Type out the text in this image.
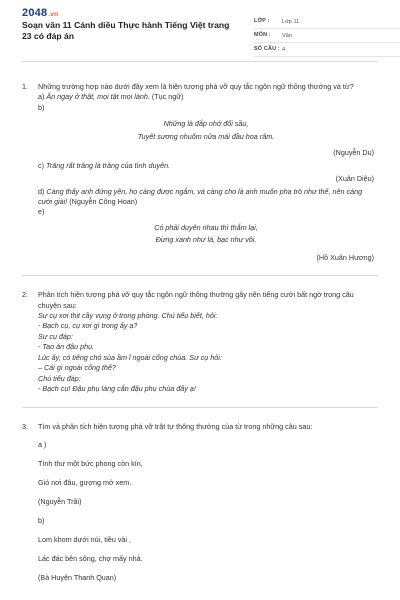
2048.vn
Soạn văn 11 Cánh diều Thực hành Tiếng Việt trang 23 có đáp án
LỚP :	Lớp 11
MÔN :	Văn
SỐ CÂU : 4
1. Những trường hợp nào dưới đây xem là hiện tượng phá vỡ quy tắc ngôn ngữ thông thường và từ?

a) Ăn ngay ở thật, mọi tật mọi lành. (Tục ngữ)

b)

Những là đắp nhớ đổi sầu,

Tuyết sương nhuốm nửa mái đầu hoa râm.

(Nguyễn Du)

c) Trăng rất trăng là trăng của tình duyên.

(Xuân Diệu)

d) Càng thấy anh đứng yên, họ càng được ngắm, và càng cho là anh muốn pha trò như thế, nên càng cười giài! (Nguyễn Công Hoan)

e)

Có phải duyên nhau thì thắm lại,

Đừng xanh như lá, bạc như vôi.

(Hồ Xuân Hương)

2. Phân tích hiện tượng phá vỡ quy tắc ngôn ngữ thông thường gây nên tiếng cười bất ngờ trong câu chuyện sau:

Sư cụ xơi thịt cầy vụng ở trong phòng. Chú tiểu biết, hỏi:

- Bạch cụ, cụ xơi gì trong ấy ạ?

Sư cụ đáp:

- Tao ăn đậu phụ.

Lúc ấy, có tiếng chó sủa ầm ĩ ngoài cổng chùa. Sư cụ hỏi:

– Cái gì ngoài cổng thế?

Chú tiểu đáp:

- Bạch cụ! Đậu phụ làng cắn đậu phụ chùa đấy ạ!

3. Tìm và phân tích hiện tượng phá vỡ trật tự thông thường của từ trong những câu sau:

a )

Tình thư một bức phong còn kín,

Gió nơi đâu, gượng mở xem.

(Nguyễn Trãi)

b)

Lom khom dưới núi, tiều vài ,

Lác đác bên sông, chợ mấy nhà.

(Bà Huyện Thanh Quan)
